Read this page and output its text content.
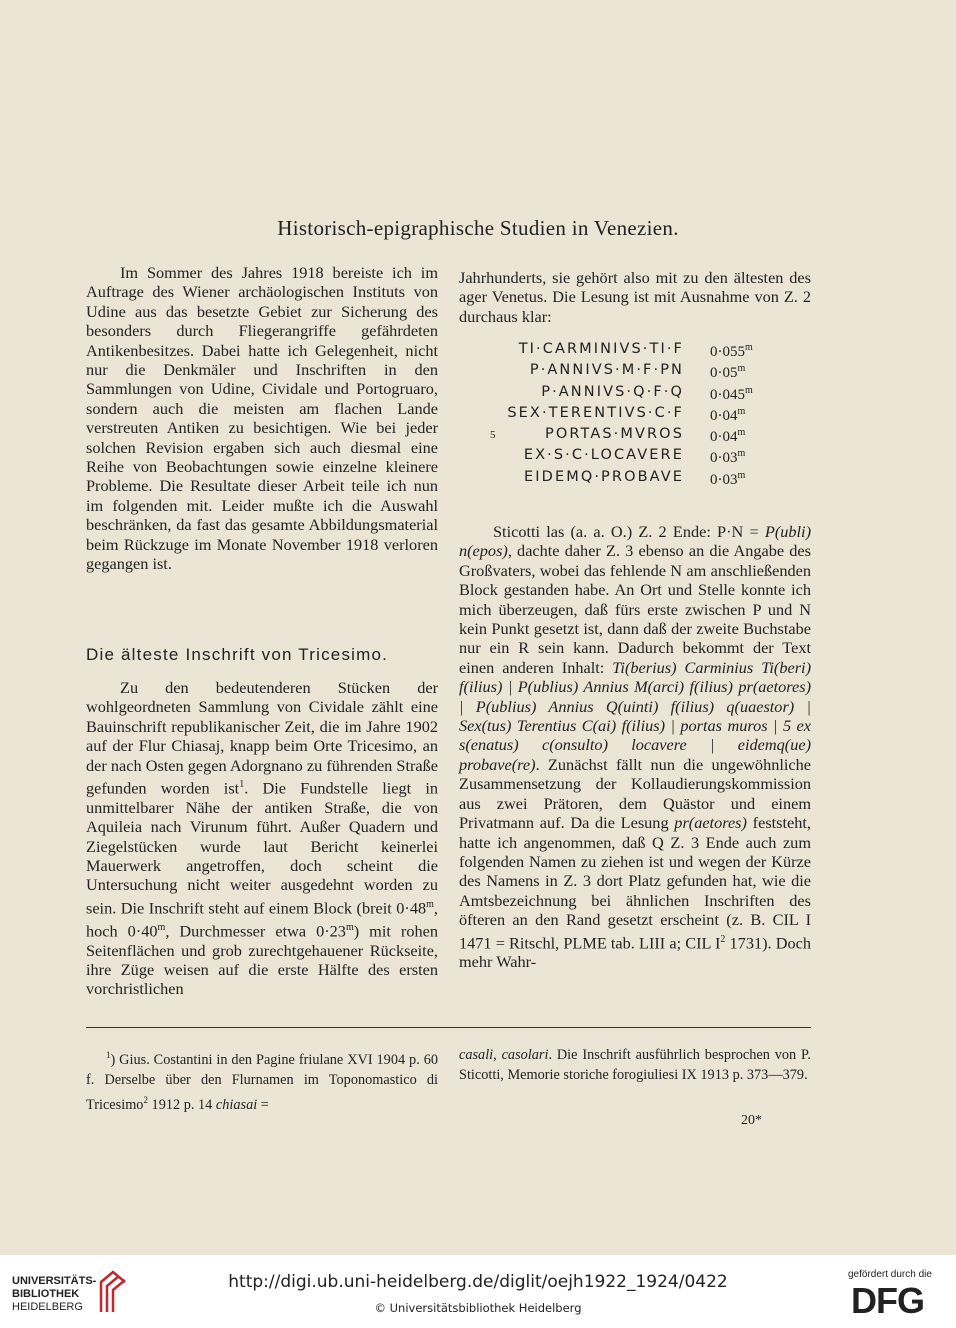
Historisch-epigraphische Studien in Venezien.

Im Sommer des Jahres 1918 bereiste ich im Auftrage des Wiener archäologischen Instituts von Udine aus das besetzte Gebiet zur Sicherung des besonders durch Fliegerangriffe gefährdeten Antikenbesitzes. Dabei hatte ich Gelegenheit, nicht nur die Denkmäler und Inschriften in den Sammlungen von Udine, Cividale und Portogruaro, sondern auch die meisten am flachen Lande verstreuten Antiken zu besichtigen. Wie bei jeder solchen Revision ergaben sich auch diesmal eine Reihe von Beobachtungen sowie einzelne kleinere Probleme. Die Resultate dieser Arbeit teile ich nun im folgenden mit. Leider mußte ich die Auswahl beschränken, da fast das gesamte Abbildungsmaterial beim Rückzuge im Monate November 1918 verloren gegangen ist.

Die älteste Inschrift von Tricesimo.

Zu den bedeutenderen Stücken der wohlgeordneten Sammlung von Cividale zählt eine Bauinschrift republikanischer Zeit, die im Jahre 1902 auf der Flur Chiasaj, knapp beim Orte Tricesimo, an der nach Osten gegen Adorgnano zu führenden Straße gefunden worden ist$^1$. Die Fundstelle liegt in unmittelbarer Nähe der antiken Straße, die von Aquileia nach Virunum führt. Außer Quadern und Ziegelstücken wurde laut Bericht keinerlei Mauerwerk angetroffen, doch scheint die Untersuchung nicht weiter ausgedehnt worden zu sein. Die Inschrift steht auf einem Block (breit $0\cdot 48^m$, hoch $0\cdot 40^m$, Durchmesser etwa $0\cdot 23^m$) mit rohen Seitenflächen und grob zurechtgehauener Rückseite, ihre Züge weisen auf die erste Hälfte des ersten vorchristlichen

Jahrhunderts, sie gehört also mit zu den ältesten des ager Venetus. Die Lesung ist mit Ausnahme von Z. 2 durchaus klar:

TI·CARMINIVS·TI·F $0\cdot 055^m$
P·ANNIVS·M·F·PN $0\cdot 05^m$
P·ANNIVS·Q·F·Q $0\cdot 045^m$
SEX·TERENTIVS·C·F $0\cdot 04^m$
5	PORTAS·MVROS $0\cdot 04^m$
EX·S·C·LOCAVERE $0\cdot 03^m$
EIDEMQ·PROBAVE $0\cdot 03^m$

Sticotti las (a. a. O.) Z. 2 Ende: P·N = P(ubli) n(epos), dachte daher Z. 3 ebenso an die Angabe des Großvaters, wobei das fehlende N am anschließenden Block gestanden habe. An Ort und Stelle konnte ich mich überzeugen, daß fürs erste zwischen P und N kein Punkt gesetzt ist, dann daß der zweite Buchstabe nur ein R sein kann. Dadurch bekommt der Text einen anderen Inhalt: Ti(berius) Carminius Ti(beri) f(ilius) | P(ublius) Annius M(arci) f(ilius) pr(aetores) | P(ublius) Annius Q(uinti) f(ilius) q(uaestor) | Sex(tus) Terentius C(ai) f(ilius) | portas muros | 5 ex s(enatus) c(onsulto) locavere | eidemq(ue) probave(re). Zunächst fällt nun die ungewöhnliche Zusammensetzung der Kollaudierungskommission aus zwei Prätoren, dem Quästor und einem Privatmann auf. Da die Lesung pr(aetores) feststeht, hatte ich angenommen, daß Q Z. 3 Ende auch zum folgenden Namen zu ziehen ist und wegen der Kürze des Namens in Z. 3 dort Platz gefunden hat, wie die Amtsbezeichnung bei ähnlichen Inschriften des öfteren an den Rand gesetzt erscheint (z. B. CIL I 1471 = Ritschl, PLME tab. LIII a; CIL $I^2$ 1731). Doch mehr Wahr-

$^1$) Gius. Costantini in den Pagine friulane XVI 1904 p. 60 f. Derselbe über den Flurnamen im Toponomastico di Tricesimo$^2$ 1912 p. 14 chiasai =

casali, casolari. Die Inschrift ausführlich besprochen von P. Sticotti, Memorie storiche forogiuliesi IX 1913 p. 373—379.

20*
UNIVERSITÄTS-
BIBLIOTHEK
HEIDELBERG
http://digi.ub.uni-heidelberg.de/diglit/oejh1922_1924/0422
© Universitätsbibliothek Heidelberg
gefördert durch die
DFG
